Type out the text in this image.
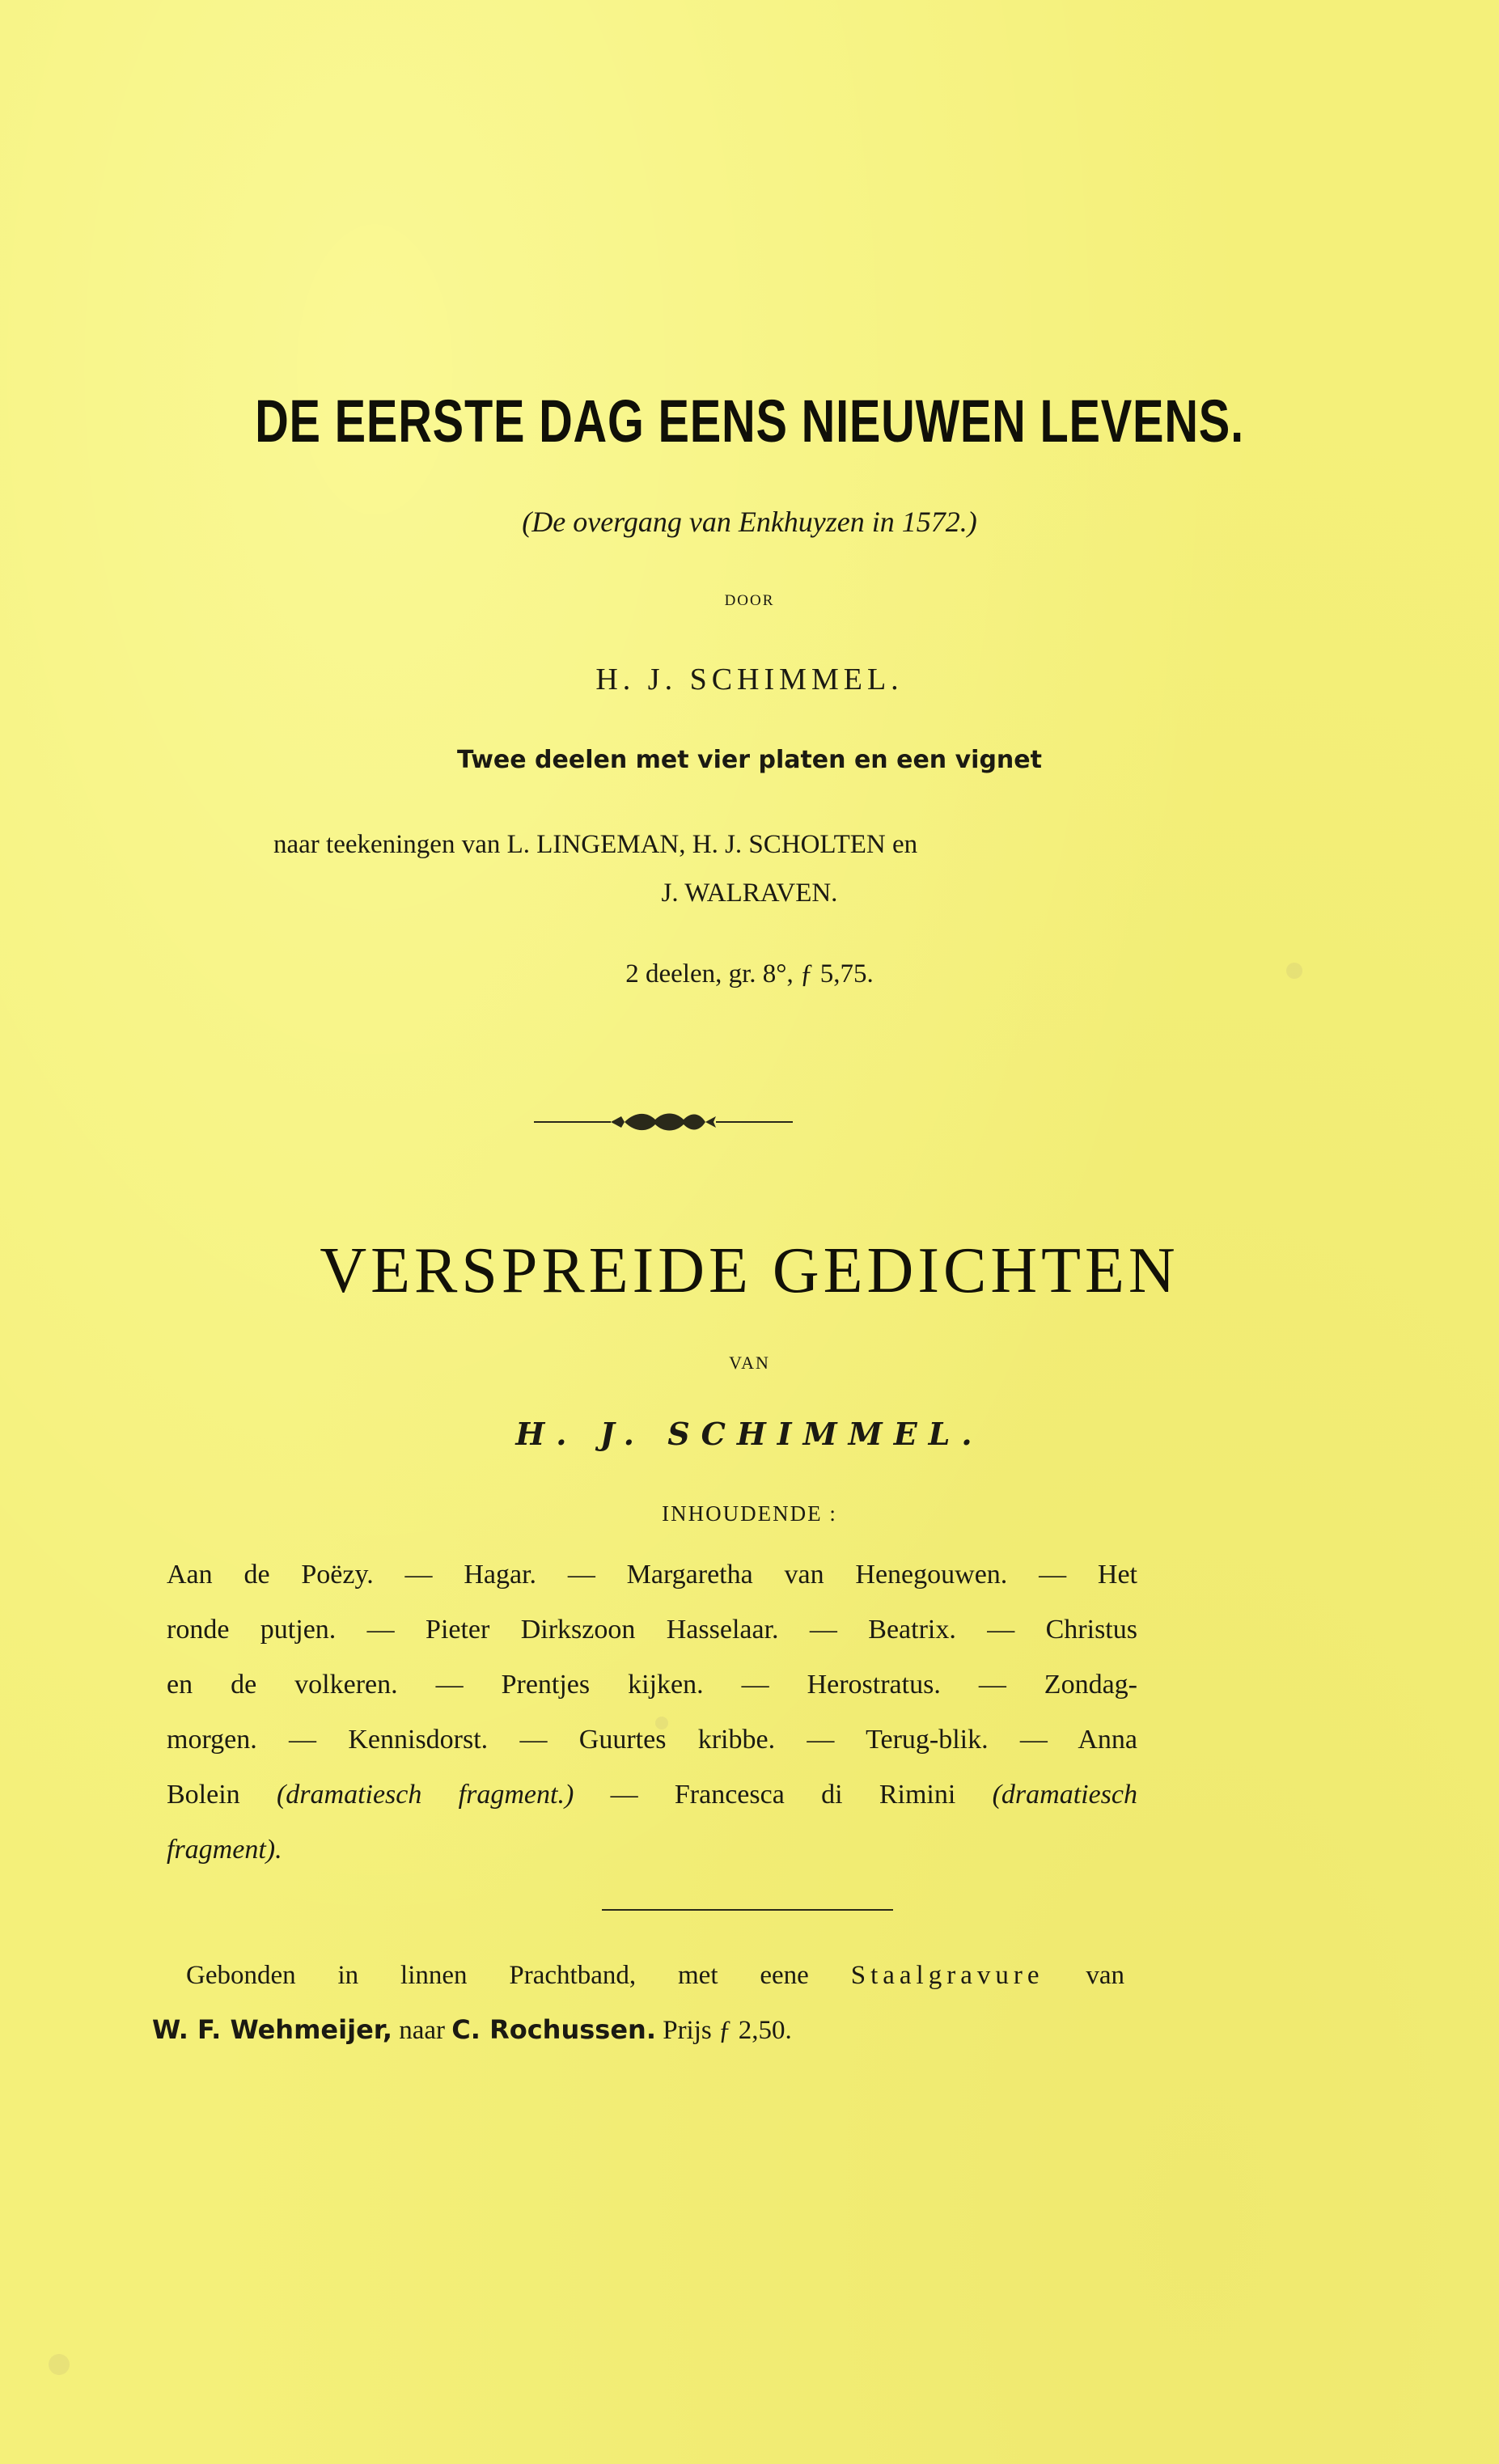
DE EERSTE DAG EENS NIEUWEN LEVENS.
(De overgang van Enkhuyzen in 1572.)
DOOR
H. J. SCHIMMEL.
Twee deelen met vier platen en een vignet
naar teekeningen van L. LINGEMAN, H. J. SCHOLTEN en
J. WALRAVEN.
2 deelen, gr. 8°, ƒ 5,75.
VERSPREIDE GEDICHTEN
VAN
H. J. SCHIMMEL.
INHOUDENDE :
Aan de Poëzy. — Hagar. — Margaretha van Henegouwen. — Het
ronde putjen. — Pieter Dirkszoon Hasselaar. — Beatrix. — Christus
en de volkeren. — Prentjes kijken. — Herostratus. — Zondag-
morgen. — Kennisdorst. — Guurtes kribbe. — Terug-blik. — Anna
Bolein (dramatiesch fragment.) — Francesca di Rimini (dramatiesch
fragment).
Gebonden in linnen Prachtband, met eene Staalgravure van
W. F. Wehmeijer, naar C. Rochussen. Prijs ƒ 2,50.
